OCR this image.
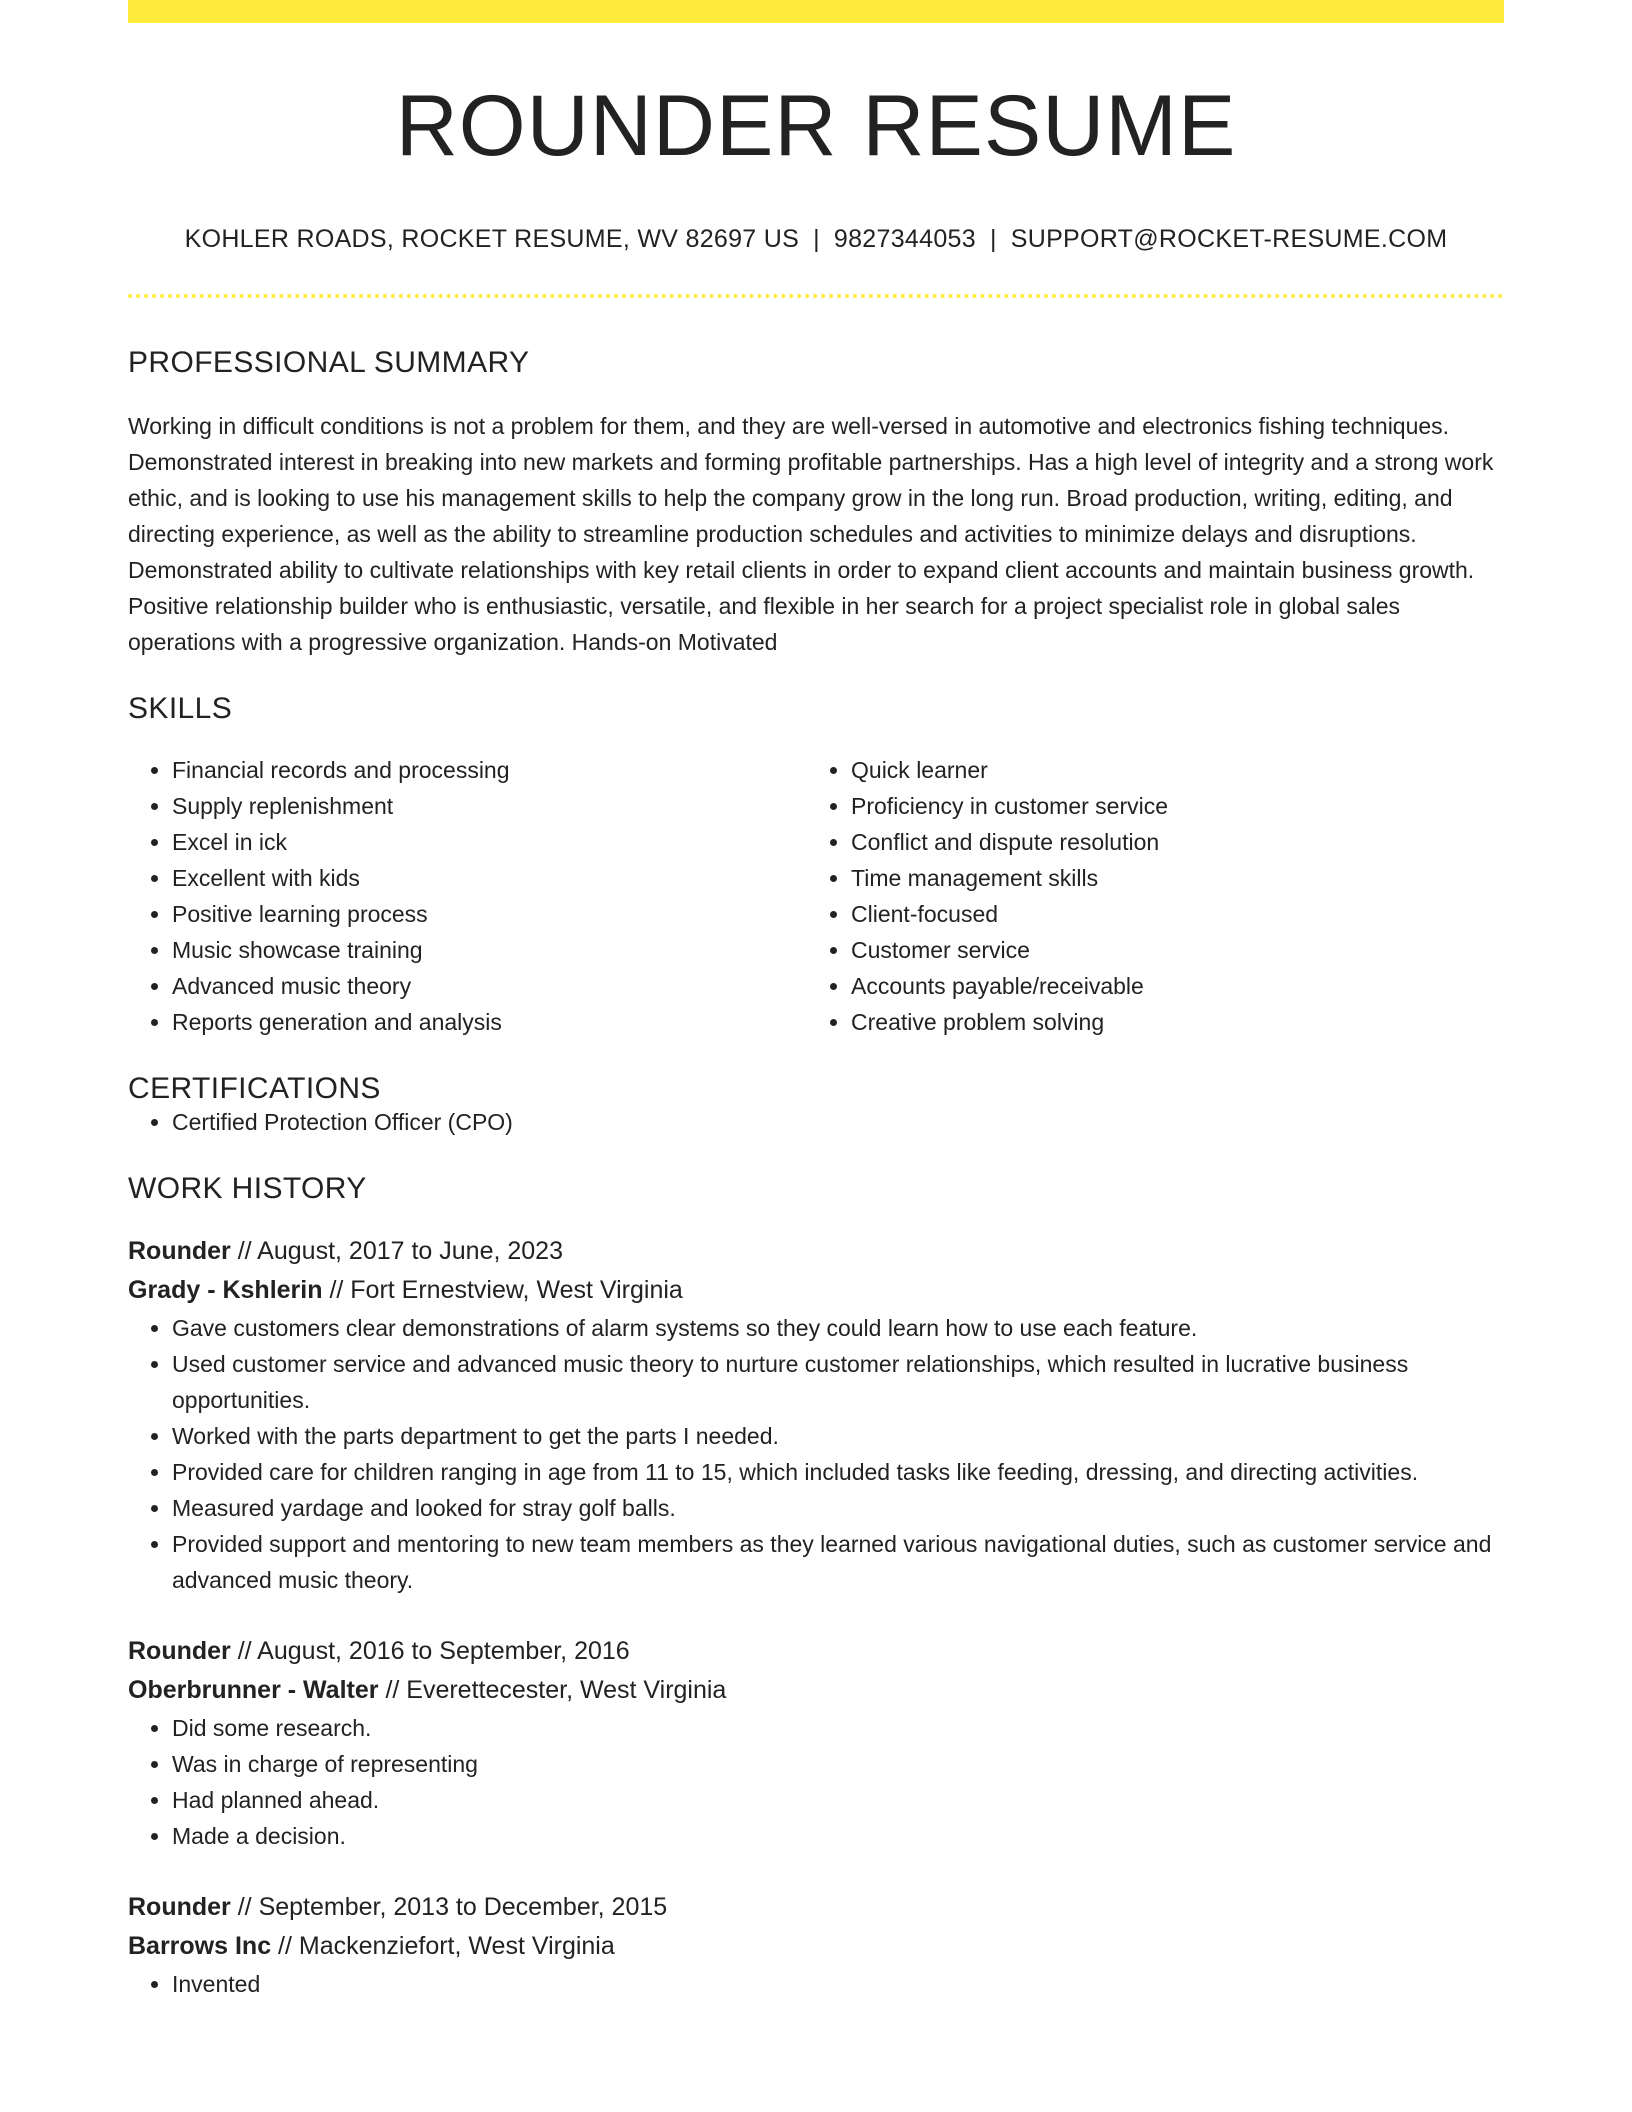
ROUNDER RESUME
KOHLER ROADS, ROCKET RESUME, WV 82697 US | 9827344053 | SUPPORT@ROCKET-RESUME.COM
PROFESSIONAL SUMMARY
Working in difficult conditions is not a problem for them, and they are well-versed in automotive and electronics fishing techniques. Demonstrated interest in breaking into new markets and forming profitable partnerships. Has a high level of integrity and a strong work ethic, and is looking to use his management skills to help the company grow in the long run. Broad production, writing, editing, and directing experience, as well as the ability to streamline production schedules and activities to minimize delays and disruptions. Demonstrated ability to cultivate relationships with key retail clients in order to expand client accounts and maintain business growth. Positive relationship builder who is enthusiastic, versatile, and flexible in her search for a project specialist role in global sales operations with a progressive organization. Hands-on Motivated
SKILLS
• Financial records and processing
• Supply replenishment
• Excel in ick
• Excellent with kids
• Positive learning process
• Music showcase training
• Advanced music theory
• Reports generation and analysis
• Quick learner
• Proficiency in customer service
• Conflict and dispute resolution
• Time management skills
• Client-focused
• Customer service
• Accounts payable/receivable
• Creative problem solving
CERTIFICATIONS
• Certified Protection Officer (CPO)
WORK HISTORY
Rounder // August, 2017 to June, 2023
Grady - Kshlerin // Fort Ernestview, West Virginia
• Gave customers clear demonstrations of alarm systems so they could learn how to use each feature.
• Used customer service and advanced music theory to nurture customer relationships, which resulted in lucrative business opportunities.
• Worked with the parts department to get the parts I needed.
• Provided care for children ranging in age from 11 to 15, which included tasks like feeding, dressing, and directing activities.
• Measured yardage and looked for stray golf balls.
• Provided support and mentoring to new team members as they learned various navigational duties, such as customer service and advanced music theory.
Rounder // August, 2016 to September, 2016
Oberbrunner - Walter // Everettecester, West Virginia
• Did some research.
• Was in charge of representing
• Had planned ahead.
• Made a decision.
Rounder // September, 2013 to December, 2015
Barrows Inc // Mackenziefort, West Virginia
• Invented
